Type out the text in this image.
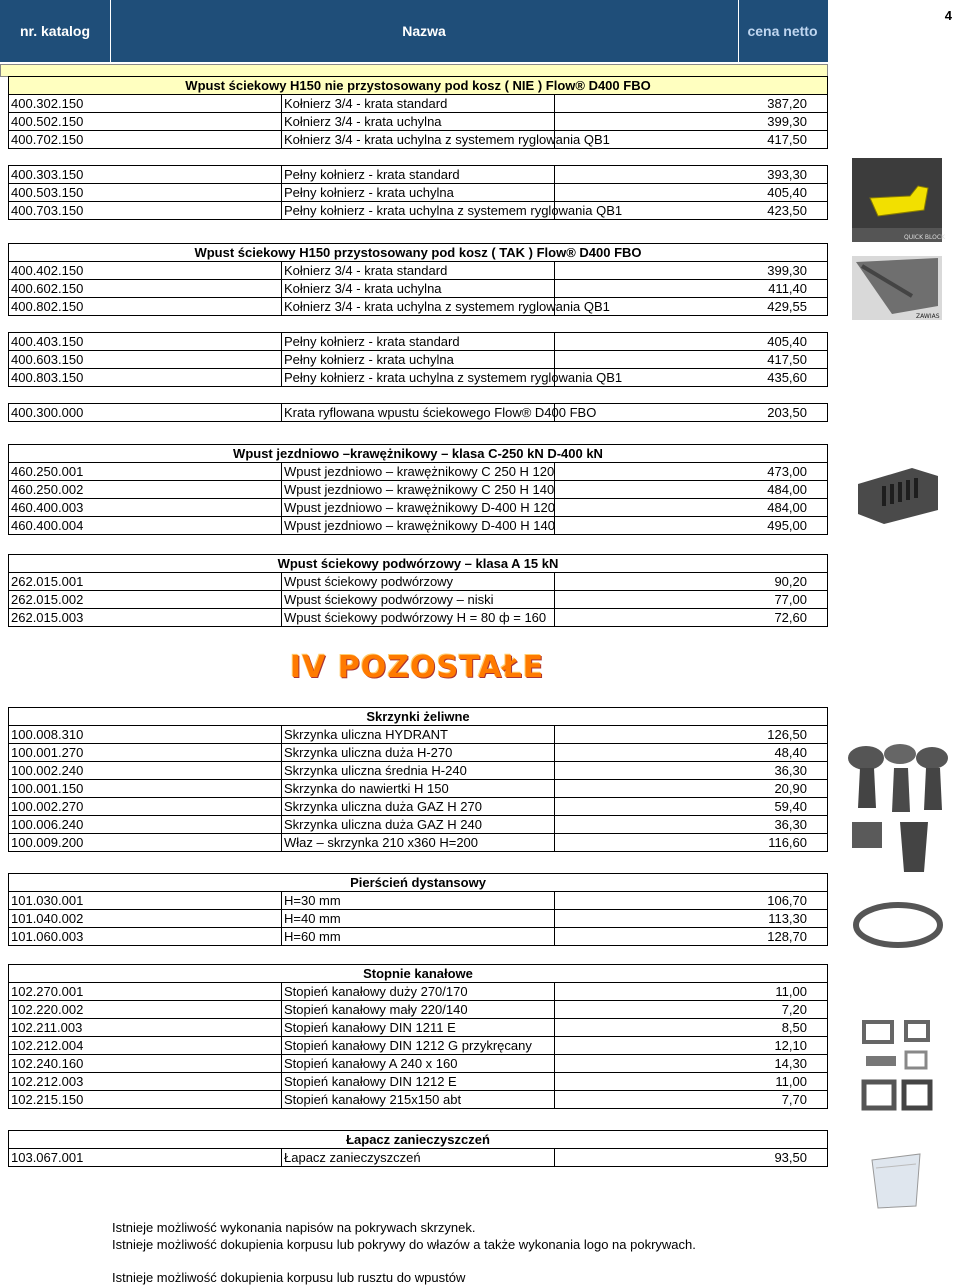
nr. katalog	Nazwa	cena netto
4
Wpust ściekowy H150 nie przystosowany pod kosz ( NIE ) Flow® D400 FBO		
400.302.150	Kołnierz 3/4 - krata standard	387,20
400.502.150	Kołnierz 3/4 - krata uchylna	399,30
400.702.150	Kołnierz 3/4 - krata uchylna z systemem ryglowania QB1	417,50

400.303.150	Pełny kołnierz - krata standard	393,30
400.503.150	Pełny kołnierz - krata uchylna	405,40
400.703.150	Pełny kołnierz - krata uchylna z systemem ryglowania QB1	423,50
Wpust ściekowy H150 przystosowany pod kosz ( TAK ) Flow® D400 FBO		
400.402.150	Kołnierz 3/4 - krata standard	399,30
400.602.150	Kołnierz 3/4 - krata uchylna	411,40
400.802.150	Kołnierz 3/4 - krata uchylna z systemem ryglowania QB1	429,55

400.403.150	Pełny kołnierz - krata standard	405,40
400.603.150	Pełny kołnierz - krata uchylna	417,50
400.803.150	Pełny kołnierz - krata uchylna z systemem ryglowania QB1	435,60

400.300.000	Krata ryflowana wpustu ściekowego Flow® D400 FBO	203,50
Wpust jezdniowo –krawężnikowy – klasa C-250 kN D-400 kN		
460.250.001	Wpust jezdniowo – krawężnikowy C 250 H 120	473,00
460.250.002	Wpust jezdniowo – krawężnikowy C 250 H 140	484,00
460.400.003	Wpust jezdniowo – krawężnikowy D-400 H 120	484,00
460.400.004	Wpust jezdniowo – krawężnikowy D-400 H 140	495,00
Wpust ściekowy podwórzowy – klasa A 15 kN		
262.015.001	Wpust ściekowy podwórzowy	90,20
262.015.002	Wpust ściekowy podwórzowy – niski	77,00
262.015.003	Wpust ściekowy podwórzowy H = 80 ф = 160	72,60
Skrzynki żeliwne		
100.008.310	Skrzynka uliczna HYDRANT	126,50
100.001.270	Skrzynka uliczna duża H-270	48,40
100.002.240	Skrzynka uliczna średnia H-240	36,30
100.001.150	Skrzynka do nawiertki H 150	20,90
100.002.270	Skrzynka uliczna duża GAZ H 270	59,40
100.006.240	Skrzynka uliczna duża GAZ H 240	36,30
100.009.200	Właz – skrzynka 210 x360 H=200	116,60
Pierścień dystansowy		
101.030.001	H=30 mm	106,70
101.040.002	H=40 mm	113,30
101.060.003	H=60 mm	128,70
Stopnie kanałowe		
102.270.001	Stopień kanałowy duży 270/170	11,00
102.220.002	Stopień kanałowy mały 220/140	7,20
102.211.003	Stopień kanałowy DIN 1211 E	8,50
102.212.004	Stopień kanałowy DIN 1212 G przykręcany	12,10
102.240.160	Stopień kanałowy A 240 x 160	14,30
102.212.003	Stopień kanałowy DIN 1212 E	11,00
102.215.150	Stopień kanałowy 215x150 abt	7,70
Łapacz zanieczyszczeń
103.067.001	Łapacz zanieczyszczeń	93,50
IV POZOSTAŁE
QUICK BLOCK
ZAWIAS
Istnieje możliwość wykonania napisów na pokrywach skrzynek.
Istnieje możliwość dokupienia korpusu lub pokrywy do włazów a także wykonania logo na pokrywach.
Istnieje możliwość dokupienia korpusu lub rusztu do wpustów
